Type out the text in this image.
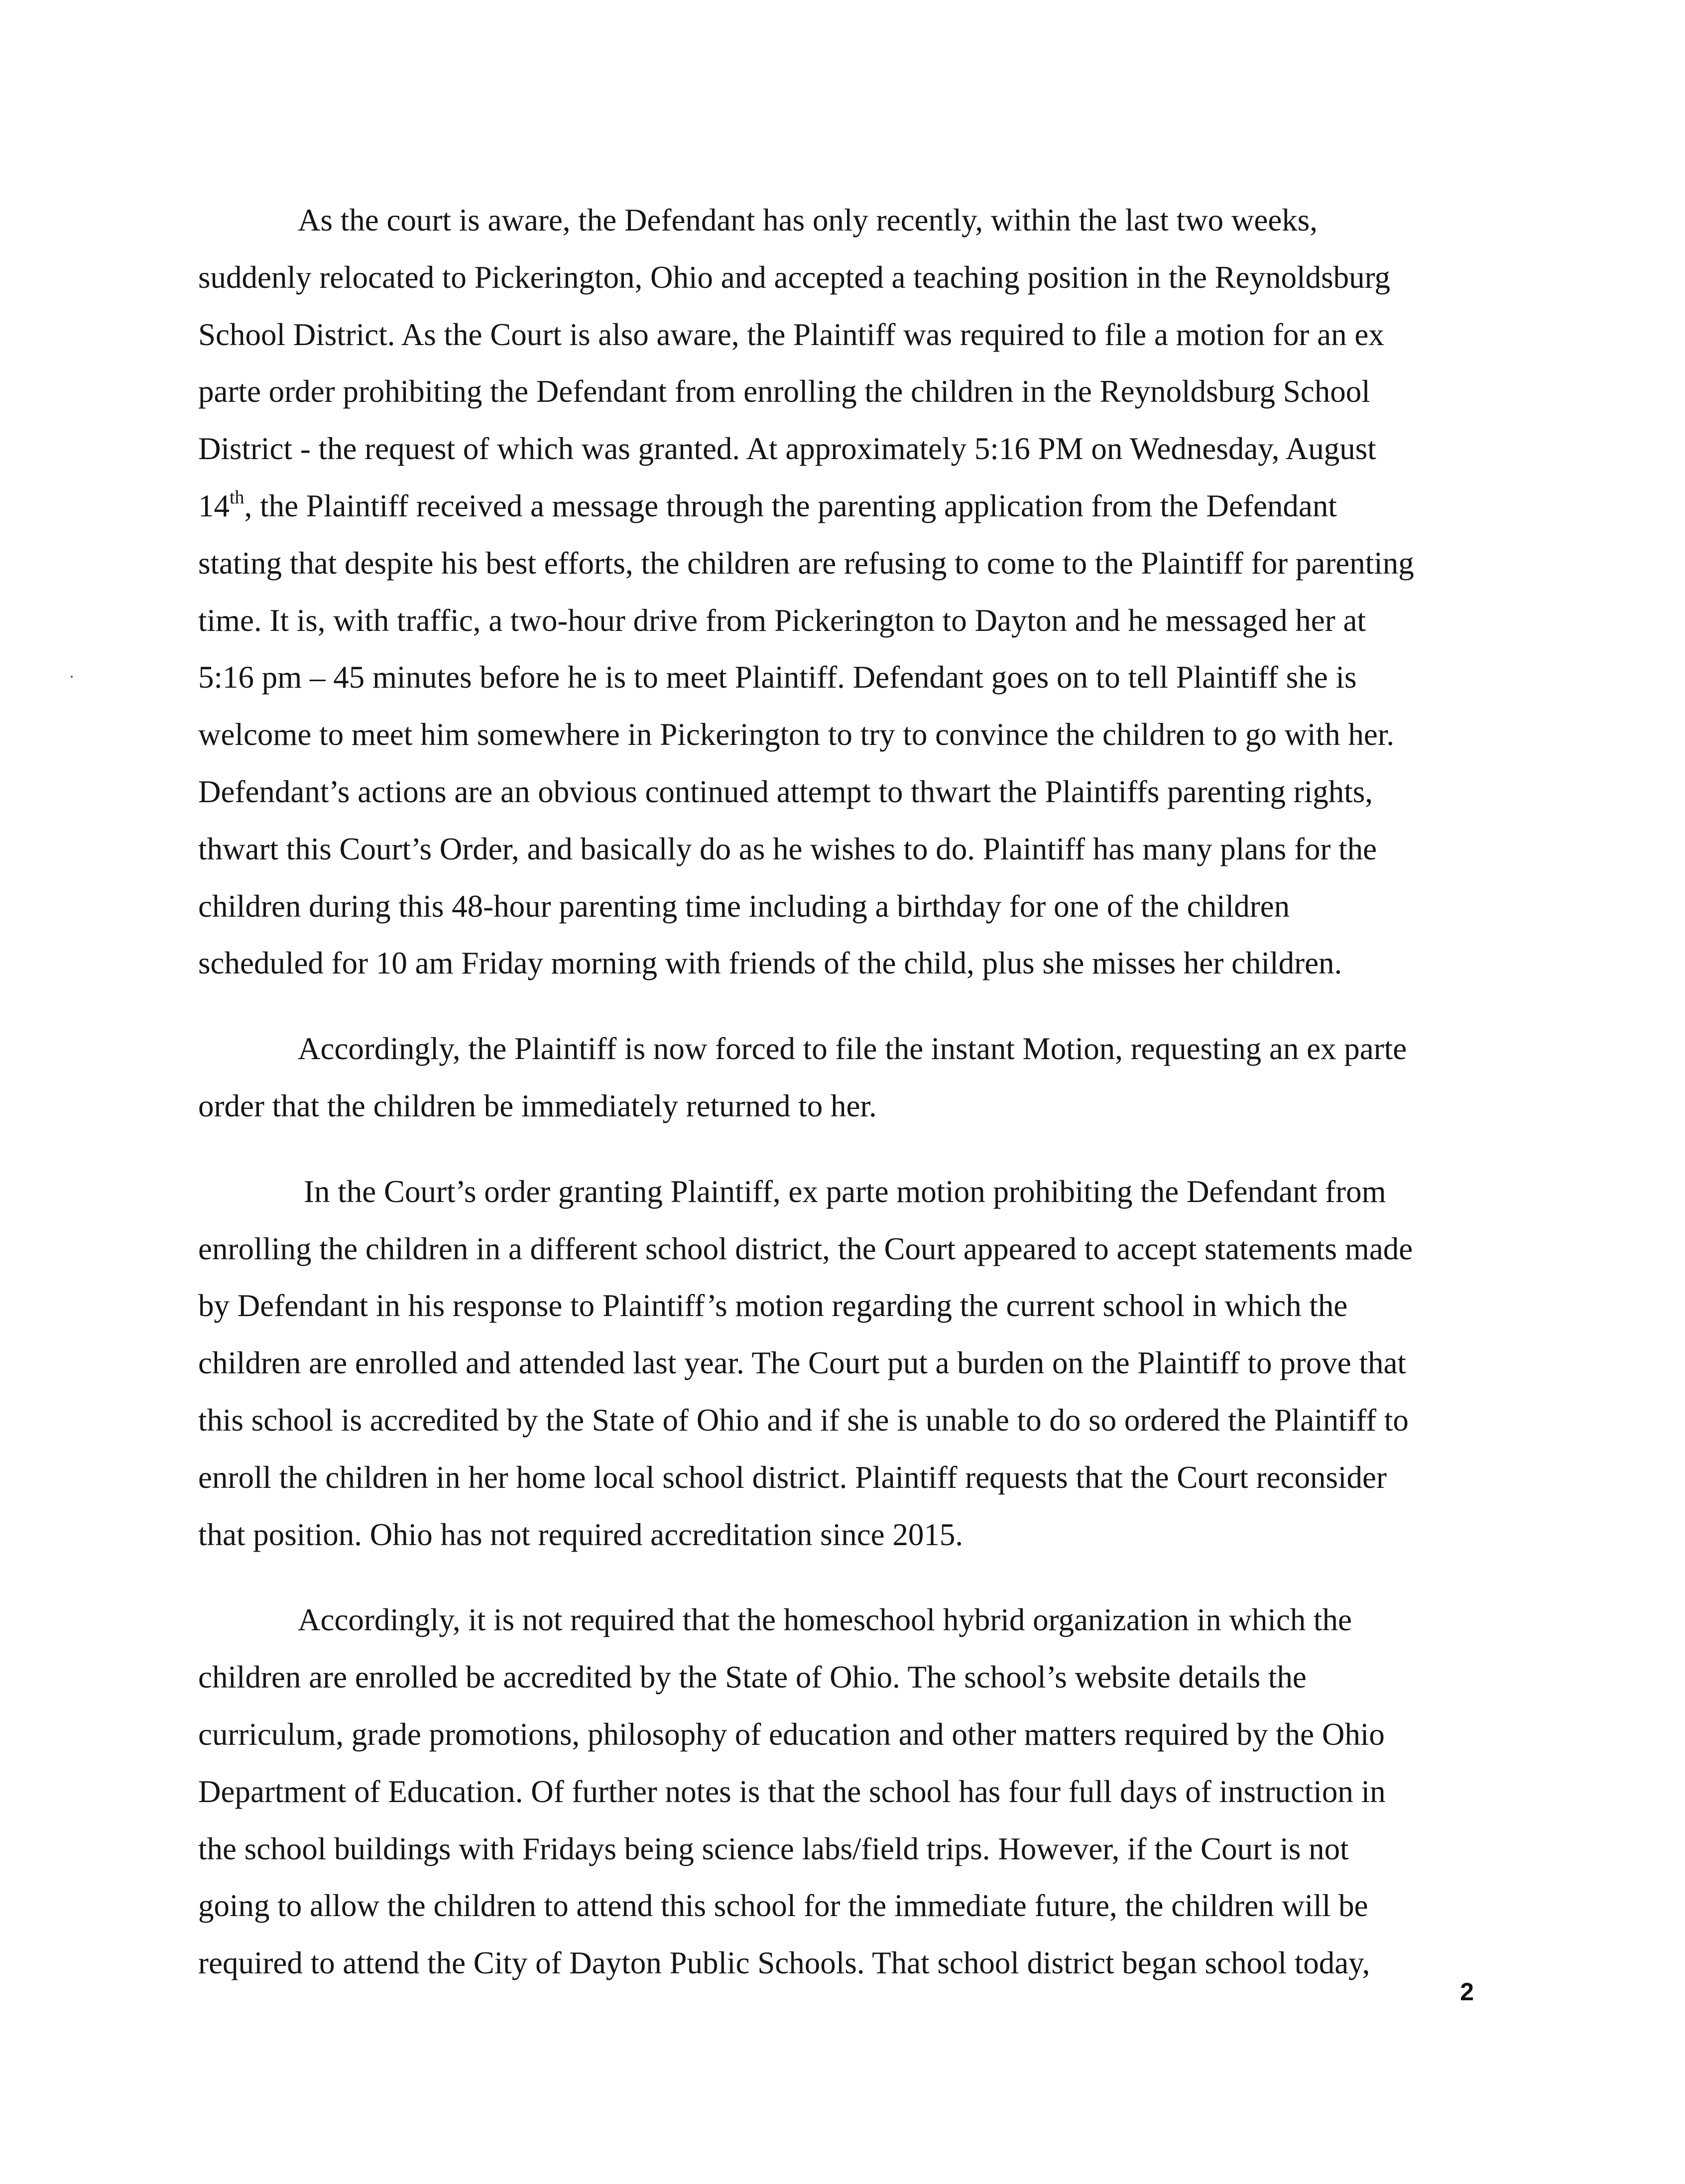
As the court is aware, the Defendant has only recently, within the last two weeks,
suddenly relocated to Pickerington, Ohio and accepted a teaching position in the Reynoldsburg
School District. As the Court is also aware, the Plaintiff was required to file a motion for an ex
parte order prohibiting the Defendant from enrolling the children in the Reynoldsburg School
District - the request of which was granted. At approximately 5:16 PM on Wednesday, August
14th, the Plaintiff received a message through the parenting application from the Defendant
stating that despite his best efforts, the children are refusing to come to the Plaintiff for parenting
time. It is, with traffic, a two-hour drive from Pickerington to Dayton and he messaged her at
5:16 pm – 45 minutes before he is to meet Plaintiff. Defendant goes on to tell Plaintiff she is
welcome to meet him somewhere in Pickerington to try to convince the children to go with her.
Defendant’s actions are an obvious continued attempt to thwart the Plaintiffs parenting rights,
thwart this Court’s Order, and basically do as he wishes to do. Plaintiff has many plans for the
children during this 48-hour parenting time including a birthday for one of the children
scheduled for 10 am Friday morning with friends of the child, plus she misses her children.

Accordingly, the Plaintiff is now forced to file the instant Motion, requesting an ex parte
order that the children be immediately returned to her.

In the Court’s order granting Plaintiff, ex parte motion prohibiting the Defendant from
enrolling the children in a different school district, the Court appeared to accept statements made
by Defendant in his response to Plaintiff’s motion regarding the current school in which the
children are enrolled and attended last year. The Court put a burden on the Plaintiff to prove that
this school is accredited by the State of Ohio and if she is unable to do so ordered the Plaintiff to
enroll the children in her home local school district. Plaintiff requests that the Court reconsider
that position. Ohio has not required accreditation since 2015.

Accordingly, it is not required that the homeschool hybrid organization in which the
children are enrolled be accredited by the State of Ohio. The school’s website details the
curriculum, grade promotions, philosophy of education and other matters required by the Ohio
Department of Education. Of further notes is that the school has four full days of instruction in
the school buildings with Fridays being science labs/field trips. However, if the Court is not
going to allow the children to attend this school for the immediate future, the children will be
required to attend the City of Dayton Public Schools. That school district began school today,

2
